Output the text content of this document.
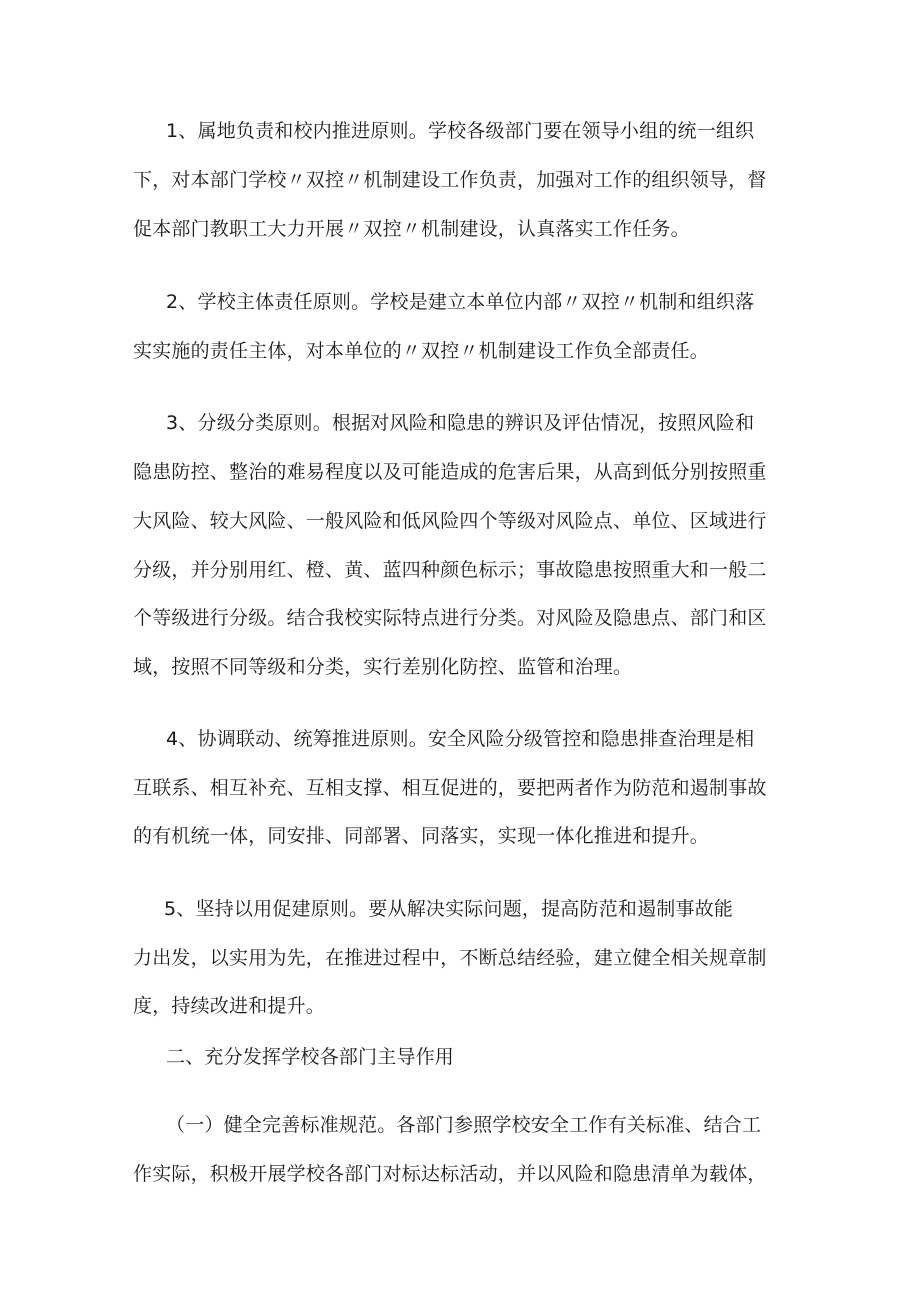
1、属地负责和校内推进原则。学校各级部门要在领导小组的统一组织
下，对本部门学校〃双控〃机制建设工作负责，加强对工作的组织领导，督
促本部门教职工大力开展〃双控〃机制建设，认真落实工作任务。
2、学校主体责任原则。学校是建立本单位内部〃双控〃机制和组织落
实实施的责任主体，对本单位的〃双控〃机制建设工作负全部责任。
3、分级分类原则。根据对风险和隐患的辨识及评估情况，按照风险和
隐患防控、整治的难易程度以及可能造成的危害后果，从高到低分别按照重
大风险、较大风险、一般风险和低风险四个等级对风险点、单位、区域进行
分级，并分别用红、橙、黄、蓝四种颜色标示；事故隐患按照重大和一般二
个等级进行分级。结合我校实际特点进行分类。对风险及隐患点、部门和区
域，按照不同等级和分类，实行差别化防控、监管和治理。
4、协调联动、统筹推进原则。安全风险分级管控和隐患排查治理是相
互联系、相互补充、互相支撑、相互促进的，要把两者作为防范和遏制事故
的有机统一体，同安排、同部署、同落实，实现一体化推进和提升。
5、坚持以用促建原则。要从解决实际问题，提高防范和遏制事故能
力出发，以实用为先，在推进过程中，不断总结经验，建立健全相关规章制
度，持续改进和提升。
二、充分发挥学校各部门主导作用
（一）健全完善标准规范。各部门参照学校安全工作有关标准、结合工
作实际，积极开展学校各部门对标达标活动，并以风险和隐患清单为载体，
